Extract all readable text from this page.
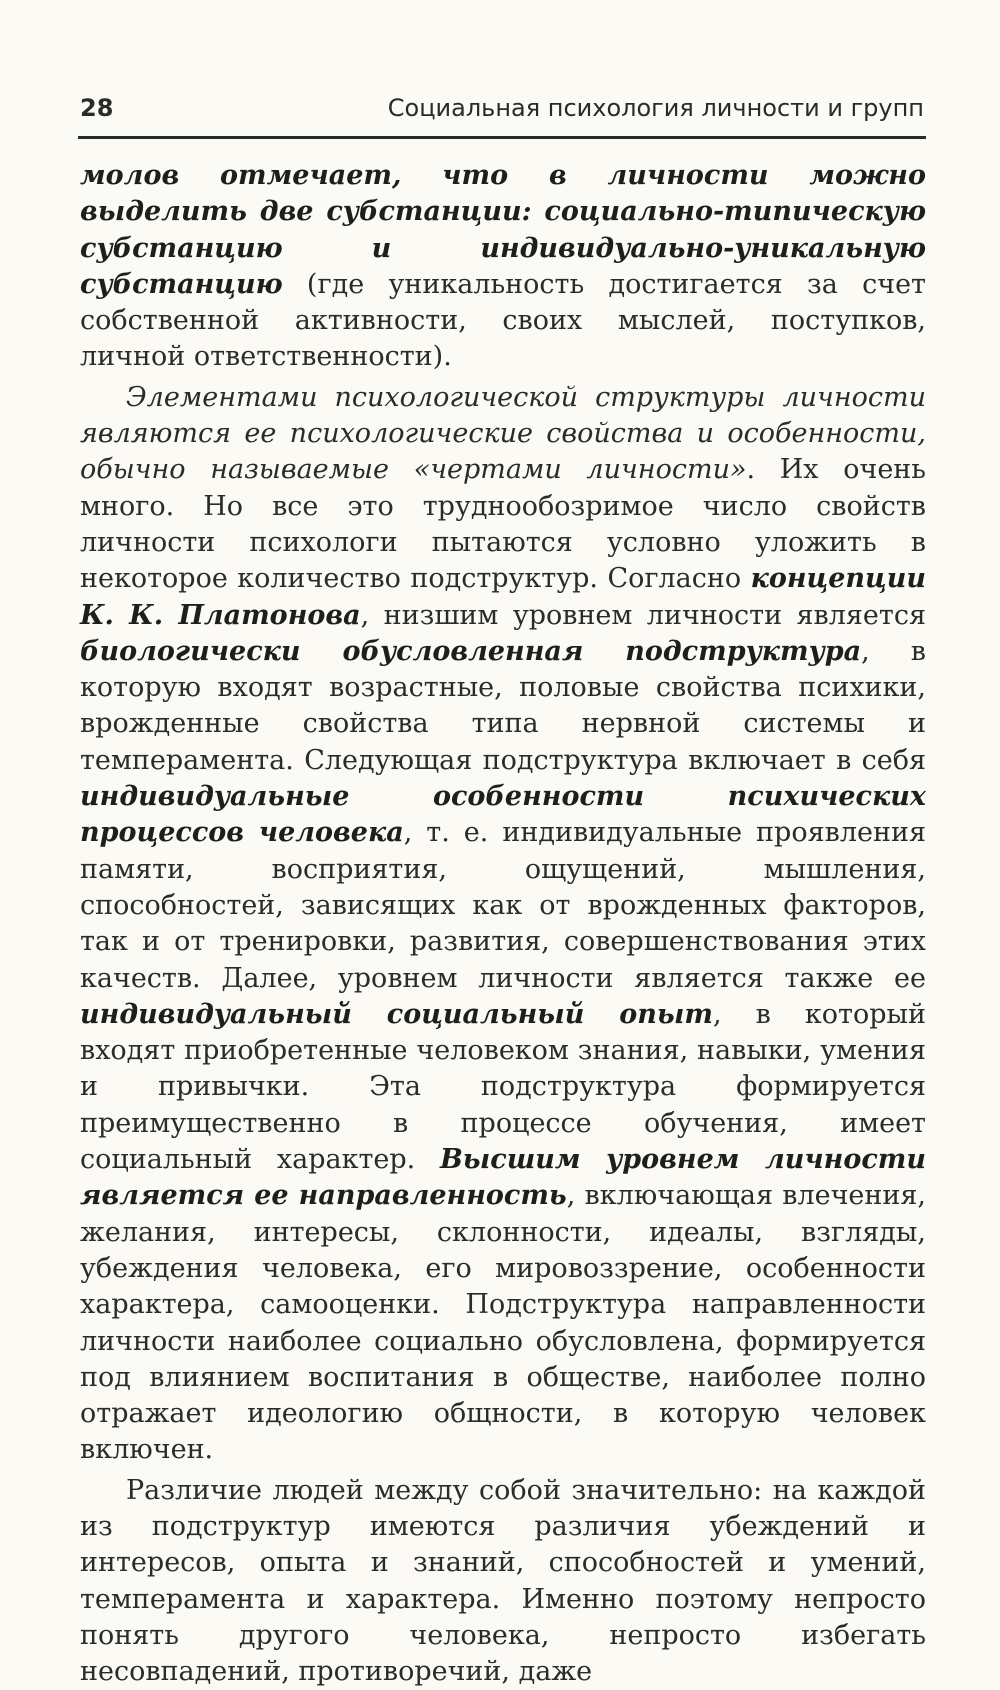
28	Социальная психология личности и групп

молов отмечает, что в личности можно выделить две субстанции: социально-типическую субстанцию и индивидуально-уникальную субстанцию (где уникальность достигается за счет собственной активности, своих мыслей, поступков, личной ответственности).

Элементами психологической структуры личности являются ее психологические свойства и особенности, обычно называемые «чертами личности». Их очень много. Но все это труднообозримое число свойств личности психологи пытаются условно уложить в некоторое количество подструктур. Согласно концепции К. К. Платонова, низшим уровнем личности является биологически обусловленная подструктура, в которую входят возрастные, половые свойства психики, врожденные свойства типа нервной системы и темперамента. Следующая подструктура включает в себя индивидуальные особенности психических процессов человека, т. е. индивидуальные проявления памяти, восприятия, ощущений, мышления, способностей, зависящих как от врожденных факторов, так и от тренировки, развития, совершенствования этих качеств. Далее, уровнем личности является также ее индивидуальный социальный опыт, в который входят приобретенные человеком знания, навыки, умения и привычки. Эта подструктура формируется преимущественно в процессе обучения, имеет социальный характер. Высшим уровнем личности является ее направленность, включающая влечения, желания, интересы, склонности, идеалы, взгляды, убеждения человека, его мировоззрение, особенности характера, самооценки. Подструктура направленности личности наиболее социально обусловлена, формируется под влиянием воспитания в обществе, наиболее полно отражает идеологию общности, в которую человек включен.

Различие людей между собой значительно: на каждой из подструктур имеются различия убеждений и интересов, опыта и знаний, способностей и умений, темперамента и характера. Именно поэтому непросто понять другого человека, непросто избегать несовпадений, противоречий, даже
